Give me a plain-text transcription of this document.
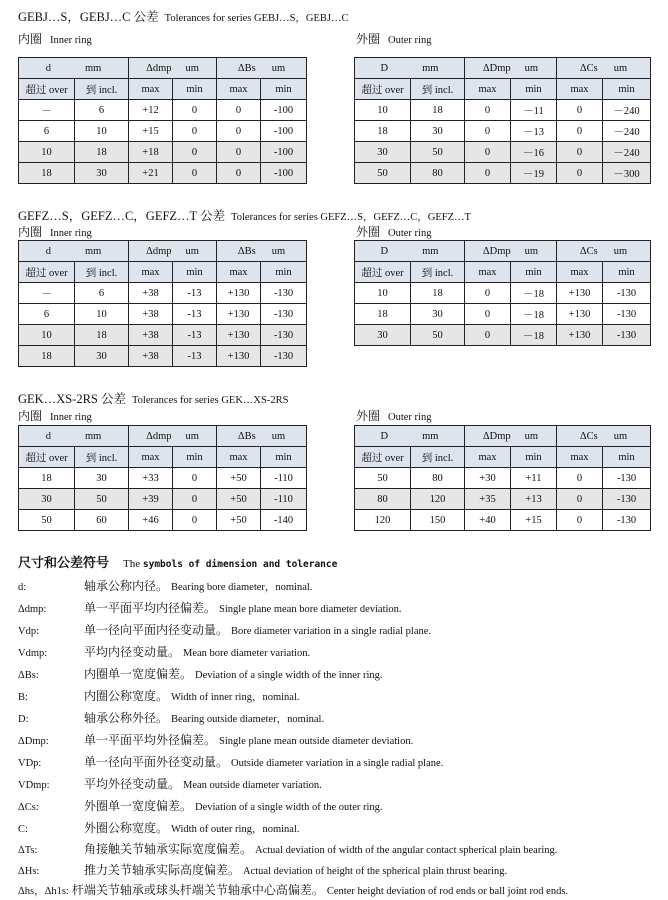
GEBJ…S，GEBJ…C 公差 Tolerances for series GEBJ…S，GEBJ…C
内圈 Inner ring	外圈 Outer ring
d mm		Δdmp um		ΔBs um	
超过 over	到 incl.	max	min	max	min
－	6	+12	0	0	-100
6	10	+15	0	0	-100
10	18	+18	0	0	-100
18	30	+21	0	0	-100
D mm		ΔDmp um		ΔCs um	
超过 over	到 incl.	max	min	max	min
10	18	0	－11	0	－240
18	30	0	－13	0	－240
30	50	0	－16	0	－240
50	80	0	－19	0	－300
GEFZ…S，GEFZ…C，GEFZ…T 公差 Tolerances for series GEFZ…S，GEFZ…C，GEFZ…T
内圈 Inner ring	外圈 Outer ring
d mm		Δdmp um		ΔBs um	
超过 over	到 incl.	max	min	max	min
－	6	+38	-13	+130	-130
6	10	+38	-13	+130	-130
10	18	+38	-13	+130	-130
18	30	+38	-13	+130	-130
D mm		ΔDmp um		ΔCs um	
超过 over	到 incl.	max	min	max	min
10	18	0	－18	+130	-130
18	30	0	－18	+130	-130
30	50	0	－18	+130	-130
GEK…XS-2RS 公差 Tolerances for series GEK…XS-2RS
内圈 Inner ring	外圈 Outer ring
d mm		Δdmp um		ΔBs um	
超过 over	到 incl.	max	min	max	min
18	30	+33	0	+50	-110
30	50	+39	0	+50	-110
50	60	+46	0	+50	-140
D mm		ΔDmp um		ΔCs um	
超过 over	到 incl.	max	min	max	min
50	80	+30	+11	0	-130
80	120	+35	+13	0	-130
120	150	+40	+15	0	-130
尺寸和公差符号 The symbols of dimension and tolerance
d:	轴承公称内径。 Bearing bore diameter，nominal.
Δdmp:	单一平面平均内径偏差。 Single plane mean bore diameter deviation.
Vdp:	单一径向平面内径变动量。 Bore diameter variation in a single radial plane.
Vdmp:	平均内径变动量。 Mean bore diameter variation.
ΔBs:	内圈单一宽度偏差。 Deviation of a single width of the inner ring.
B:	内圈公称宽度。 Width of inner ring，nominal.
D:	轴承公称外径。 Bearing outside diameter，nominal.
ΔDmp:	单一平面平均外径偏差。 Single plane mean outside diameter deviation.
VDp:	单一径向平面外径变动量。 Outside diameter variation in a single radial plane.
VDmp:	平均外径变动量。 Mean outside diameter variation.
ΔCs:	外圈单一宽度偏差。 Deviation of a single width of the outer ring.
C:	外圈公称宽度。 Width of outer ring，nominal.
ΔTs:	角接触关节轴承实际宽度偏差。 Actual deviation of width of the angular contact spherical plain bearing.
ΔHs:	推力关节轴承实际高度偏差。 Actual deviation of height of the spherical plain thrust bearing.
Δhs，Δh1s: 杆端关节轴承或球头杆端关节轴承中心高偏差。 Center height deviation of rod ends or ball joint rod ends.
